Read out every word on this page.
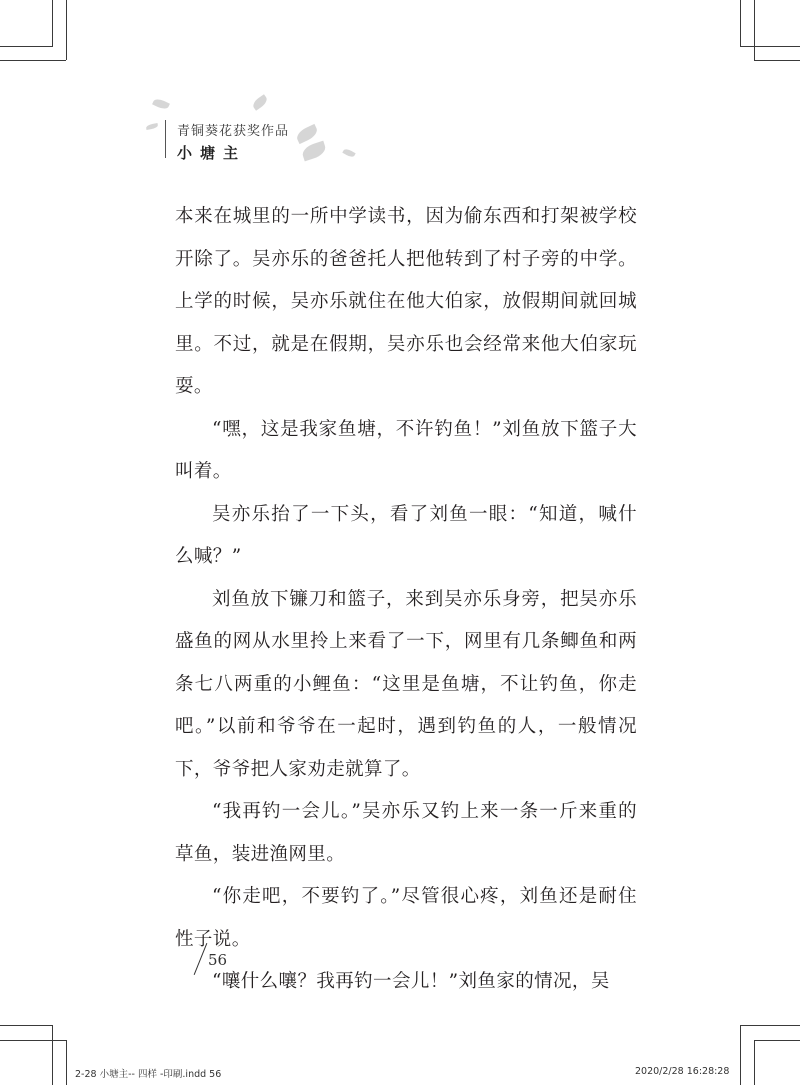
青铜葵花获奖作品
小塘主

本来在城里的一所中学读书，因为偷东西和打架被学校开除了。吴亦乐的爸爸托人把他转到了村子旁的中学。上学的时候，吴亦乐就住在他大伯家，放假期间就回城里。不过，就是在假期，吴亦乐也会经常来他大伯家玩耍。

“嘿，这是我家鱼塘，不许钓鱼！”刘鱼放下篮子大叫着。

吴亦乐抬了一下头，看了刘鱼一眼：“知道，喊什么喊？”

刘鱼放下镰刀和篮子，来到吴亦乐身旁，把吴亦乐盛鱼的网从水里拎上来看了一下，网里有几条鲫鱼和两条七八两重的小鲤鱼：“这里是鱼塘，不让钓鱼，你走吧。”以前和爷爷在一起时，遇到钓鱼的人，一般情况下，爷爷把人家劝走就算了。

“我再钓一会儿。”吴亦乐又钓上来一条一斤来重的草鱼，装进渔网里。

“你走吧，不要钓了。”尽管很心疼，刘鱼还是耐住性子说。

“嚷什么嚷？我再钓一会儿！”刘鱼家的情况，吴

56
2-28 小塘主-- 四样 -印刷.indd 56	2020/2/28 16:28:28
